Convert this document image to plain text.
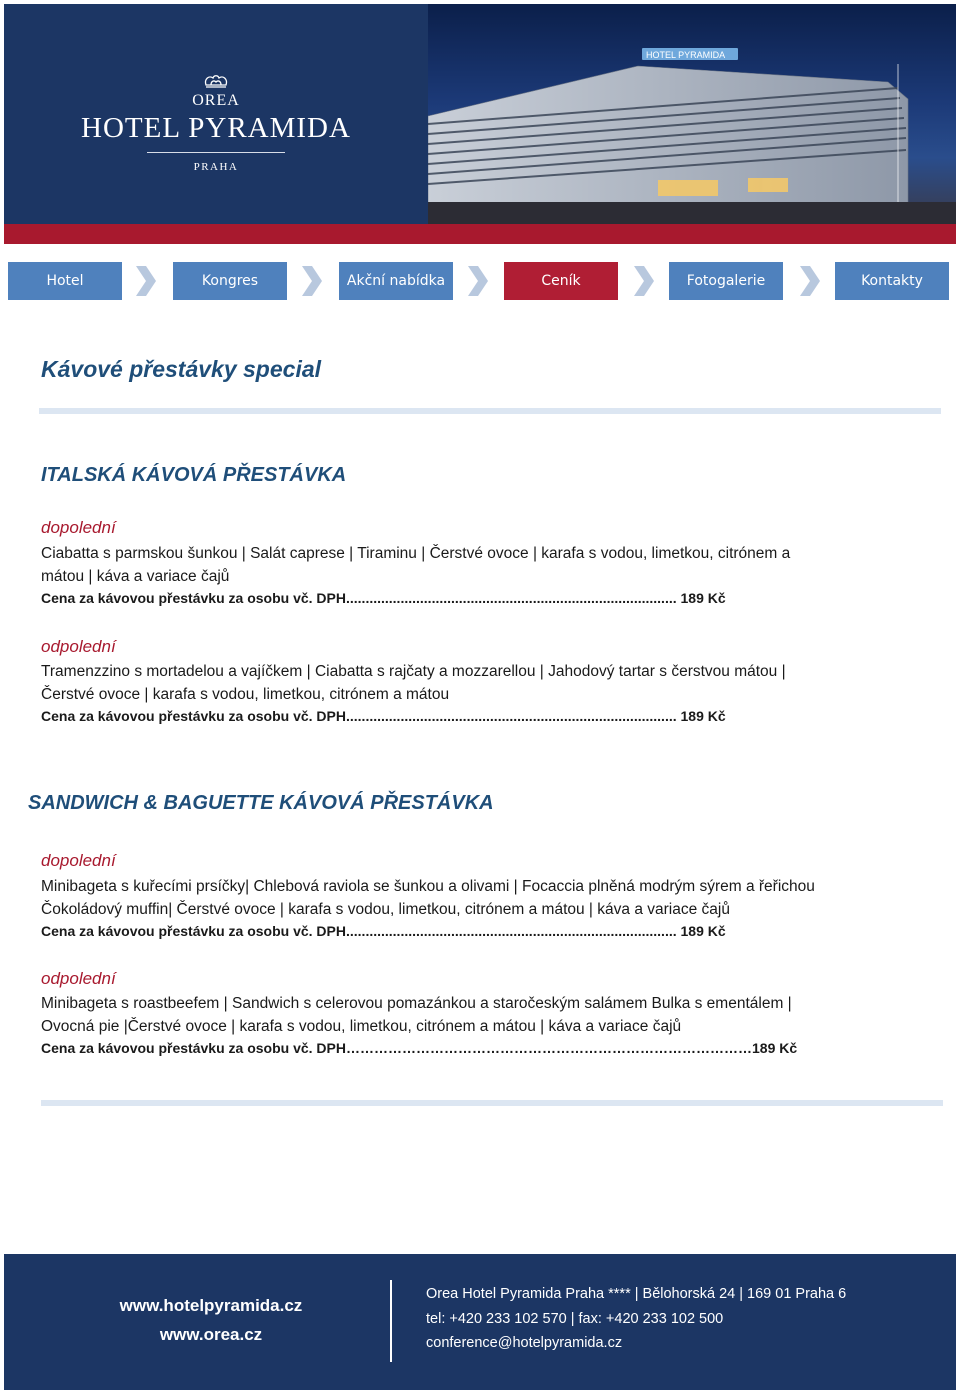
OREA
HOTEL PYRAMIDA
PRAHA
HOTEL PYRAMIDA
Hotel	Kongres	Akční nabídka	Ceník	Fotogalerie	Kontakty
Kávové přestávky special
ITALSKÁ KÁVOVÁ PŘESTÁVKA
dopolední
Ciabatta s parmskou šunkou | Salát caprese | Tiraminu | Čerstvé ovoce | karafa s vodou, limetkou, citrónem a
mátou | káva a variace čajů
Cena za kávovou přestávku za osobu vč. DPH..................................................................................... 189 Kč
odpolední
Tramenzzino s mortadelou a vajíčkem | Ciabatta s rajčaty a mozzarellou | Jahodový tartar s čerstvou mátou |
Čerstvé ovoce | karafa s vodou, limetkou, citrónem a mátou
Cena za kávovou přestávku za osobu vč. DPH..................................................................................... 189 Kč
SANDWICH & BAGUETTE KÁVOVÁ PŘESTÁVKA
dopolední
Minibageta s kuřecími prsíčky| Chlebová raviola se šunkou a olivami | Focaccia plněná modrým sýrem a řeřichou
Čokoládový muffin| Čerstvé ovoce | karafa s vodou, limetkou, citrónem a mátou | káva a variace čajů
Cena za kávovou přestávku za osobu vč. DPH..................................................................................... 189 Kč
odpolední
Minibageta s roastbeefem | Sandwich s celerovou pomazánkou a staročeským salámem Bulka s ementálem |
Ovocná pie |Čerstvé ovoce | karafa s vodou, limetkou, citrónem a mátou | káva a variace čajů
Cena za kávovou přestávku za osobu vč. DPH……………………………………………………………………………189 Kč
www.hotelpyramida.cz
www.orea.cz
Orea Hotel Pyramida Praha **** | Bělohorská 24 | 169 01 Praha 6
tel: +420 233 102 570 | fax: +420 233 102 500
conference@hotelpyramida.cz
